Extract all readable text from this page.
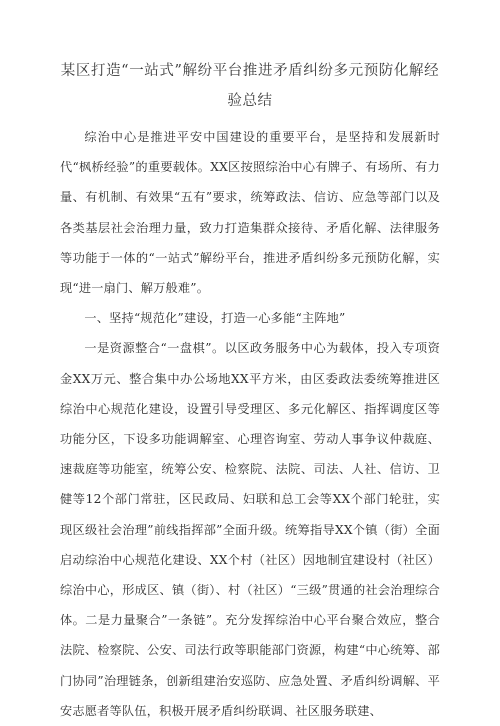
某区打造“一站式”解纷平台推进矛盾纠纷多元预防化解经
验总结

综治中心是推进平安中国建设的重要平台，是坚持和发展新时代“枫桥经验”的重要载体。XX区按照综治中心有牌子、有场所、有力量、有机制、有效果“五有”要求，统筹政法、信访、应急等部门以及各类基层社会治理力量，致力打造集群众接待、矛盾化解、法律服务等功能于一体的“一站式”解纷平台，推进矛盾纠纷多元预防化解，实现“进一扇门、解万般难”。

一、坚持“规范化”建设，打造一心多能“主阵地”

一是资源整合“一盘棋”。以区政务服务中心为载体，投入专项资金XX万元、整合集中办公场地XX平方米，由区委政法委统筹推进区综治中心规范化建设，设置引导受理区、多元化解区、指挥调度区等功能分区，下设多功能调解室、心理咨询室、劳动人事争议仲裁庭、速裁庭等功能室，统筹公安、检察院、法院、司法、人社、信访、卫健等12个部门常驻，区民政局、妇联和总工会等XX个部门轮驻，实现区级社会治理”前线指挥部”全面升级。统筹指导XX个镇（街）全面启动综治中心规范化建设、XX个村（社区）因地制宜建设村（社区）综治中心，形成区、镇（街）、村（社区）“三级”贯通的社会治理综合体。二是力量聚合”一条链”。充分发挥综治中心平台聚合效应，整合法院、检察院、公安、司法行政等职能部门资源，构建“中心统筹、部门协同”治理链条，创新组建治安巡防、应急处置、矛盾纠纷调解、平安志愿者等队伍，积极开展矛盾纠纷联调、社区服务联建、
